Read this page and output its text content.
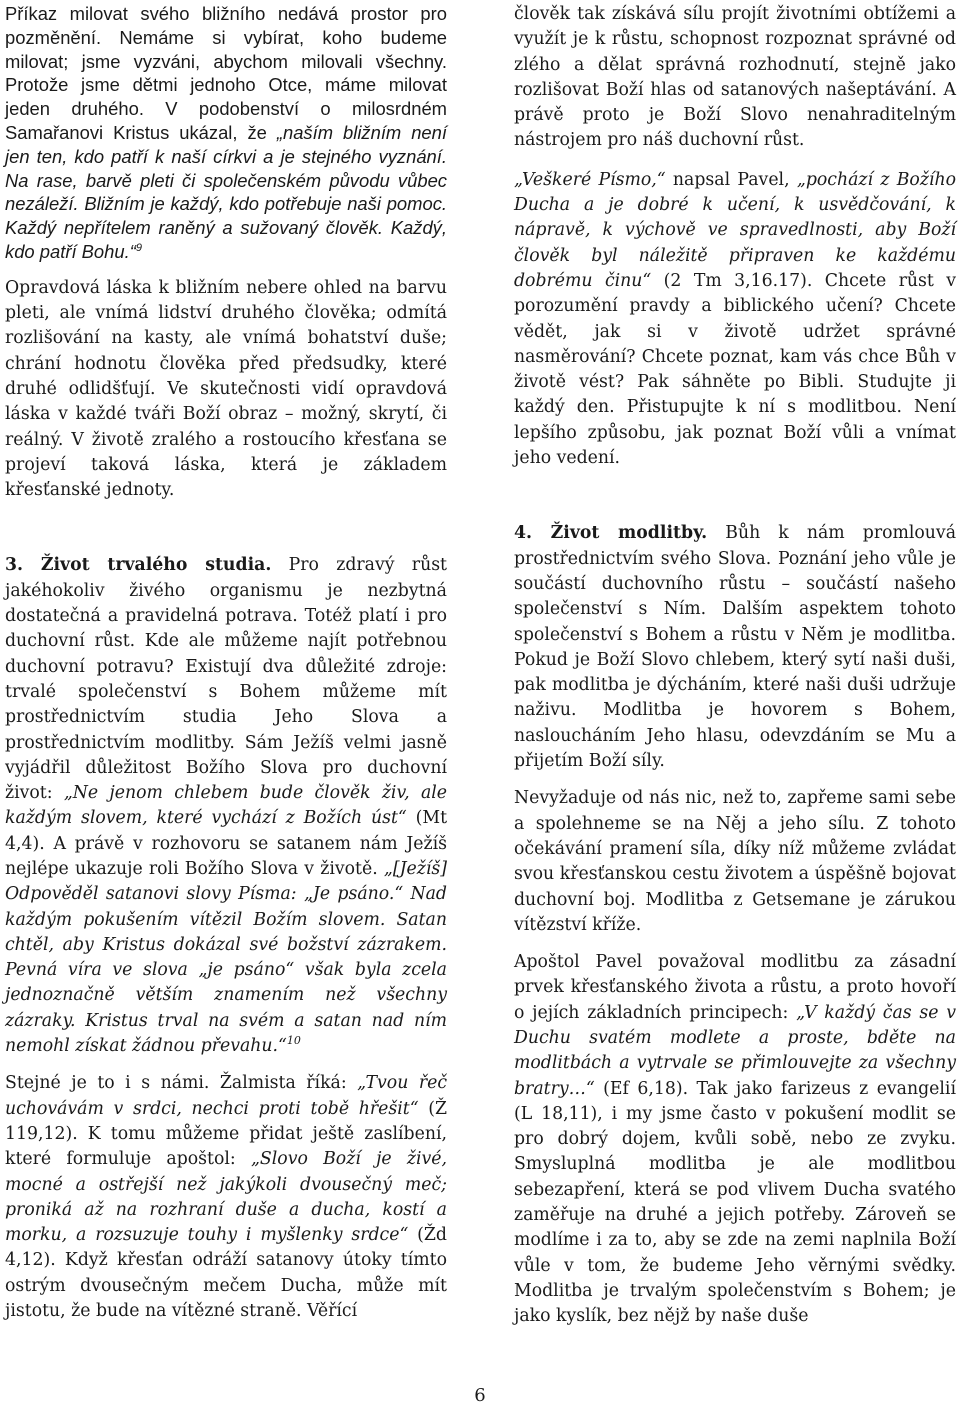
Příkaz milovat svého bližního nedává prostor pro pozměnění. Nemáme si vybírat, koho budeme milovat; jsme vyzváni, abychom milovali všechny. Protože jsme dětmi jednoho Otce, máme milovat jeden druhého. V podobenství o milosrdném Samařanovi Kristus ukázal, že „naším bližním není jen ten, kdo patří k naší církvi a je stejného vyznání. Na rase, barvě pleti či společenském původu vůbec nezáleží. Bližním je každý, kdo potřebuje naši pomoc. Každý nepřítelem raněný a sužovaný člověk. Každý, kdo patří Bohu.“$^9$

Opravdová láska k bližním nebere ohled na barvu pleti, ale vnímá lidství druhého člověka; odmítá rozlišování na kasty, ale vnímá bohatství duše; chrání hodnotu člověka před předsudky, které druhé odlidšťují. Ve skutečnosti vidí opravdová láska v každé tváři Boží obraz – možný, skrytí, či reálný. V životě zralého a rostoucího křesťana se projeví taková láska, která je základem křesťanské jednoty.

3. Život trvalého studia. Pro zdravý růst jakéhokoliv živého organismu je nezbytná dostatečná a pravidelná potrava. Totéž platí i pro duchovní růst. Kde ale můžeme najít potřebnou duchovní potravu? Existují dva důležité zdroje: trvalé společenství s Bohem můžeme mít prostřednictvím studia Jeho Slova a prostřednictvím modlitby. Sám Ježíš velmi jasně vyjádřil důležitost Božího Slova pro duchovní život: „Ne jenom chlebem bude člověk živ, ale každým slovem, které vychází z Božích úst“ (Mt 4,4). A právě v rozhovoru se satanem nám Ježíš nejlépe ukazuje roli Božího Slova v životě. „[Ježíš] Odpověděl satanovi slovy Písma: „Je psáno.“ Nad každým pokušením vítězil Božím slovem. Satan chtěl, aby Kristus dokázal své božství zázrakem. Pevná víra ve slova „je psáno“ však byla zcela jednoznačně větším znamením než všechny zázraky. Kristus trval na svém a satan nad ním nemohl získat žádnou převahu.“$^{10}$

Stejné je to i s námi. Žalmista říká: „Tvou řeč uchovávám v srdci, nechci proti tobě hřešit“ (Ž 119,12). K tomu můžeme přidat ještě zaslíbení, které formuluje apoštol: „Slovo Boží je živé, mocné a ostřejší než jakýkoli dvousečný meč; proniká až na rozhraní duše a ducha, kostí a morku, a rozsuzuje touhy i myšlenky srdce“ (Žd 4,12). Když křesťan odráží satanovy útoky tímto ostrým dvousečným mečem Ducha, může mít jistotu, že bude na vítězné straně. Věřící

člověk tak získává sílu projít životními obtížemi a využít je k růstu, schopnost rozpoznat správné od zlého a dělat správná rozhodnutí, stejně jako rozlišovat Boží hlas od satanových našeptávání. A právě proto je Boží Slovo nenahraditelným nástrojem pro náš duchovní růst.

„Veškeré Písmo,“ napsal Pavel, „pochází z Božího Ducha a je dobré k učení, k usvědčování, k nápravě, k výchově ve spravedlnosti, aby Boží člověk byl náležitě připraven ke každému dobrému činu“ (2 Tm 3,16.17). Chcete růst v porozumění pravdy a biblického učení? Chcete vědět, jak si v životě udržet správné nasměrování? Chcete poznat, kam vás chce Bůh v životě vést? Pak sáhněte po Bibli. Studujte ji každý den. Přistupujte k ní s modlitbou. Není lepšího způsobu, jak poznat Boží vůli a vnímat jeho vedení.

4. Život modlitby. Bůh k nám promlouvá prostřednictvím svého Slova. Poznání jeho vůle je součástí duchovního růstu – součástí našeho společenství s Ním. Dalším aspektem tohoto společenství s Bohem a růstu v Něm je modlitba. Pokud je Boží Slovo chlebem, který sytí naši duši, pak modlitba je dýcháním, které naši duši udržuje naživu. Modlitba je hovorem s Bohem, nasloucháním Jeho hlasu, odevzdáním se Mu a přijetím Boží síly.

Nevyžaduje od nás nic, než to, zapřeme sami sebe a spolehneme se na Něj a jeho sílu. Z tohoto očekávání pramení síla, díky níž můžeme zvládat svou křesťanskou cestu životem a úspěšně bojovat duchovní boj. Modlitba z Getsemane je zárukou vítězství kříže.

Apoštol Pavel považoval modlitbu za zásadní prvek křesťanského života a růstu, a proto hovoří o jejích základních principech: „V každý čas se v Duchu svatém modlete a proste, bděte na modlitbách a vytrvale se přimlouvejte za všechny bratry…“ (Ef 6,18). Tak jako farizeus z evangelií (L 18,11), i my jsme často v pokušení modlit se pro dobrý dojem, kvůli sobě, nebo ze zvyku. Smysluplná modlitba je ale modlitbou sebezapření, která se pod vlivem Ducha svatého zaměřuje na druhé a jejich potřeby. Zároveň se modlíme i za to, aby se zde na zemi naplnila Boží vůle v tom, že budeme Jeho věrnými svědky. Modlitba je trvalým společenstvím s Bohem; je jako kyslík, bez nějž by naše duše

6
